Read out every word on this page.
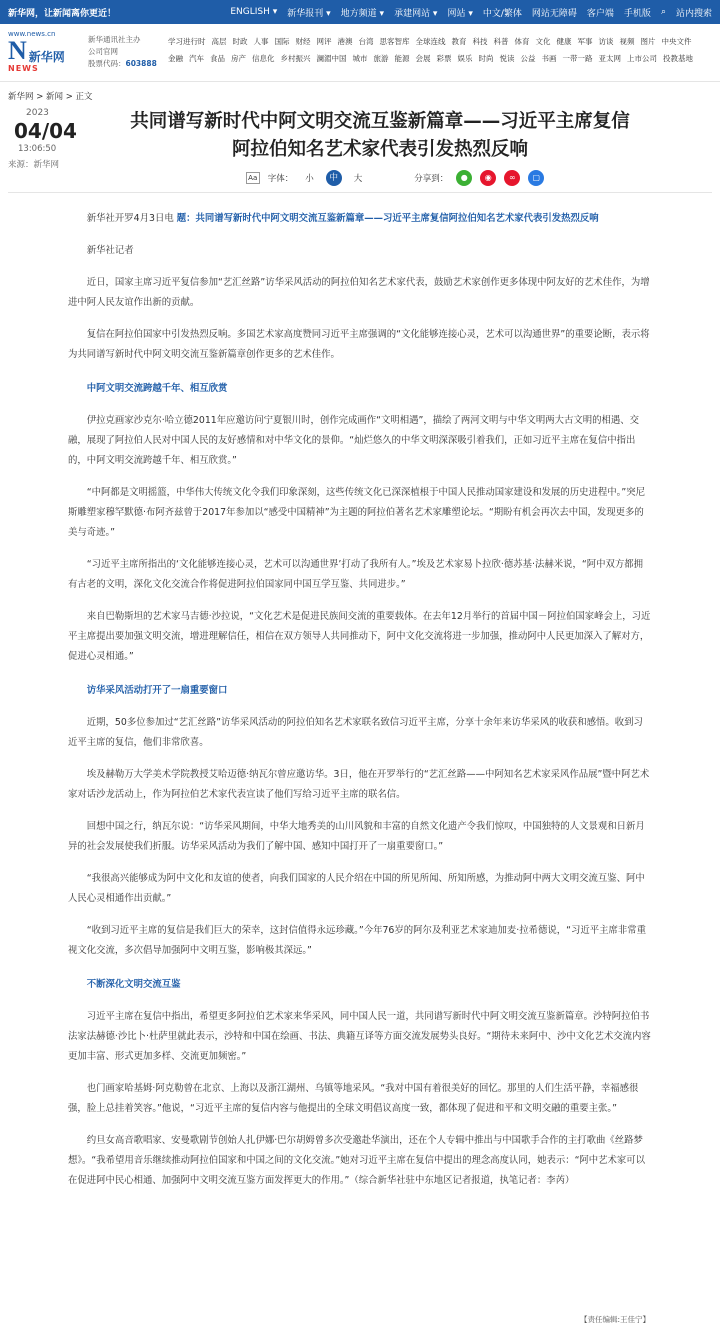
新华网，让新闻离你更近！	ENGLISH ▾ 新华报刊 ▾ 地方频道 ▾ 承建网站 ▾ 网站 ▾ 中文/繁体 网站无障碍 客户端 手机版 ⌕ 站内搜索
www.news.cn
N 新华网
NEWS
新华通讯社主办
公司官网
股票代码：603888
学习进行时 高层 时政 人事 国际 财经 网评 港澳 台湾 思客智库 全球连线 教育 科技 科普 体育 文化 健康 军事 访谈 视频 图片 中央文件
金融 汽车 食品 房产 信息化 乡村振兴 澜湄中国 城市 旅游 能源 会展 彩票 娱乐 时尚 悦读 公益 书画 一带一路 亚太网 上市公司 投教基地
新华网 > 新闻 > 正文
2023
04/04
13:06:50
来源：新华网
共同谱写新时代中阿文明交流互鉴新篇章——习近平主席复信
阿拉伯知名艺术家代表引发热烈反响
Aa 字体：	小	中	大	分享到：	●	◉	∞	▢

新华社开罗4月3日电 题：共同谱写新时代中阿文明交流互鉴新篇章——习近平主席复信阿拉伯知名艺术家代表引发热烈反响

新华社记者

近日，国家主席习近平复信参加“艺汇丝路”访华采风活动的阿拉伯知名艺术家代表，鼓励艺术家创作更多体现中阿友好的艺术佳作，为增进中阿人民友谊作出新的贡献。

复信在阿拉伯国家中引发热烈反响。多国艺术家高度赞同习近平主席强调的“文化能够连接心灵，艺术可以沟通世界”的重要论断，表示将为共同谱写新时代中阿文明交流互鉴新篇章创作更多的艺术佳作。

中阿文明交流跨越千年、相互欣赏

伊拉克画家沙克尔·哈立德2011年应邀访问宁夏银川时，创作完成画作“文明相遇”，描绘了两河文明与中华文明两大古文明的相遇、交融，展现了阿拉伯人民对中国人民的友好感情和对中华文化的景仰。“灿烂悠久的中华文明深深吸引着我们，正如习近平主席在复信中指出的，中阿文明交流跨越千年、相互欣赏。”

“中阿都是文明摇篮，中华伟大传统文化令我们印象深刻，这些传统文化已深深植根于中国人民推动国家建设和发展的历史进程中。”突尼斯雕塑家穆罕默德·布阿齐兹曾于2017年参加以“感受中国精神”为主题的阿拉伯著名艺术家雕塑论坛。“期盼有机会再次去中国，发现更多的美与奇迹。”

“习近平主席所指出的‘文化能够连接心灵，艺术可以沟通世界’打动了我所有人。”埃及艺术家易卜拉欣·德苏基·法赫米说，“阿中双方都拥有古老的文明，深化文化交流合作将促进阿拉伯国家同中国互学互鉴、共同进步。”

来自巴勒斯坦的艺术家马吉德·沙拉说，“文化艺术是促进民族间交流的重要载体。在去年12月举行的首届中国－阿拉伯国家峰会上，习近平主席提出要加强文明交流，增进理解信任，相信在双方领导人共同推动下，阿中文化交流将进一步加强，推动阿中人民更加深入了解对方，促进心灵相通。”

访华采风活动打开了一扇重要窗口

近期，50多位参加过“艺汇丝路”访华采风活动的阿拉伯知名艺术家联名致信习近平主席，分享十余年来访华采风的收获和感悟。收到习近平主席的复信，他们非常欣喜。

埃及赫勒万大学美术学院教授艾哈迈德·纳瓦尔曾应邀访华。3日，他在开罗举行的“艺汇丝路——中阿知名艺术家采风作品展”暨中阿艺术家对话沙龙活动上，作为阿拉伯艺术家代表宣读了他们写给习近平主席的联名信。

回想中国之行，纳瓦尔说：“访华采风期间，中华大地秀美的山川风貌和丰富的自然文化遗产令我们惊叹，中国独特的人文景观和日新月异的社会发展使我们折服。访华采风活动为我们了解中国、感知中国打开了一扇重要窗口。”

“我很高兴能够成为阿中文化和友谊的使者，向我们国家的人民介绍在中国的所见所闻、所知所感，为推动阿中两大文明交流互鉴、阿中人民心灵相通作出贡献。”

“收到习近平主席的复信是我们巨大的荣幸，这封信值得永远珍藏。”今年76岁的阿尔及利亚艺术家迪加麦·拉希德说，“习近平主席非常重视文化交流，多次倡导加强阿中文明互鉴，影响极其深远。”

不断深化文明交流互鉴

习近平主席在复信中指出，希望更多阿拉伯艺术家来华采风，同中国人民一道，共同谱写新时代中阿文明交流互鉴新篇章。沙特阿拉伯书法家法赫德·沙比卜·杜萨里就此表示，沙特和中国在绘画、书法、典籍互译等方面交流发展势头良好。“期待未来阿中、沙中文化艺术交流内容更加丰富、形式更加多样、交流更加频密。”

也门画家哈基姆·阿克勒曾在北京、上海以及浙江湖州、乌镇等地采风。“我对中国有着很美好的回忆。那里的人们生活平静，幸福感很强，脸上总挂着笑容。”他说，“习近平主席的复信内容与他提出的全球文明倡议高度一致，都体现了促进和平和文明交融的重要主张。”

约旦女高音歌唱家、安曼歌剧节创始人扎伊娜·巴尔胡姆曾多次受邀赴华演出，还在个人专辑中推出与中国歌手合作的主打歌曲《丝路梦想》。“我希望用音乐继续推动阿拉伯国家和中国之间的文化交流。”她对习近平主席在复信中提出的理念高度认同，她表示：“阿中艺术家可以在促进阿中民心相通、加强阿中文明交流互鉴方面发挥更大的作用。”（综合新华社驻中东地区记者报道，执笔记者：李芮）

【责任编辑:王佳宁】
